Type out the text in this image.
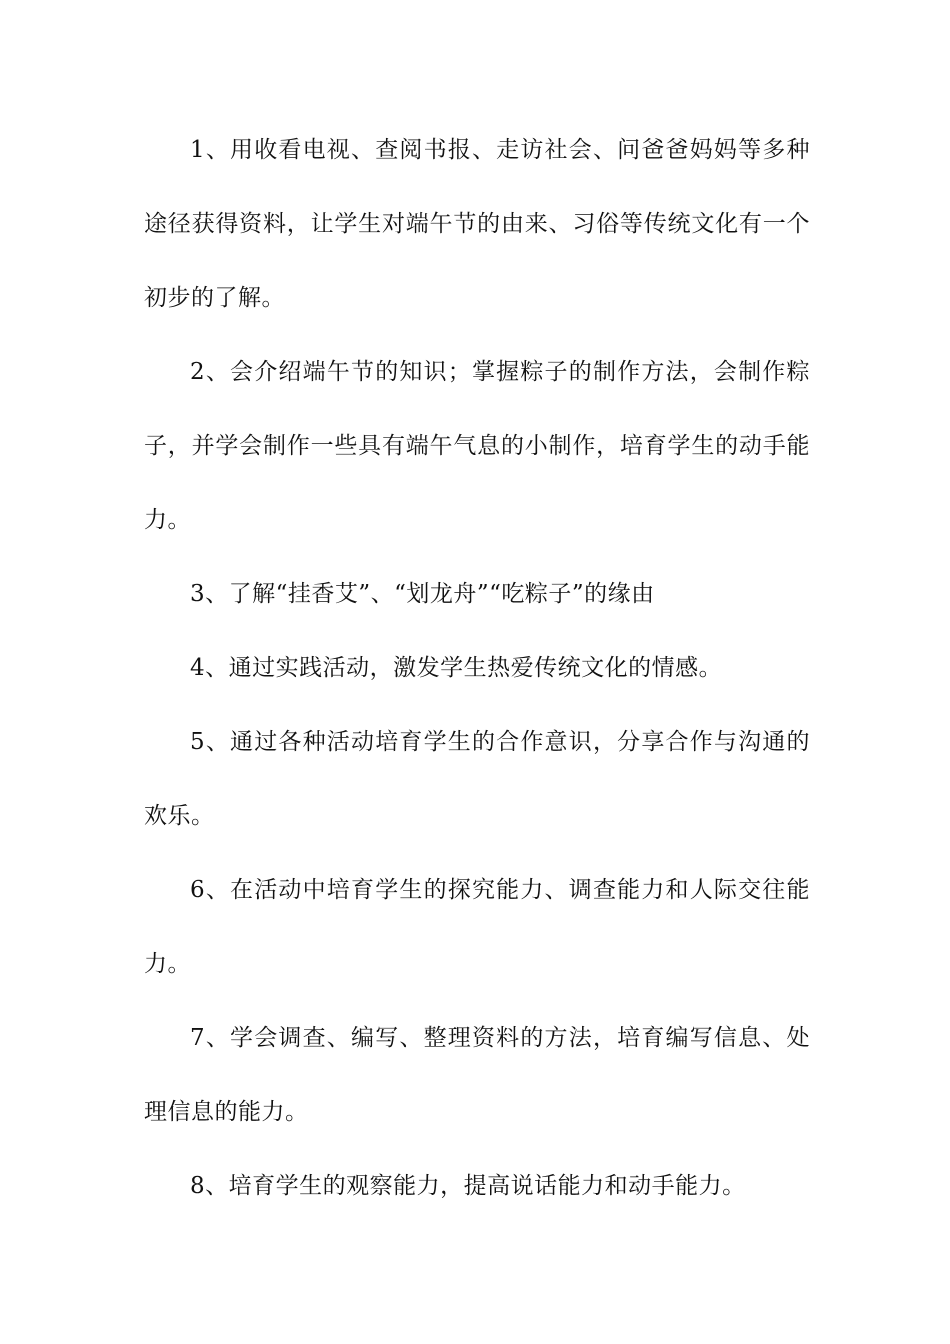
1、用收看电视、查阅书报、走访社会、问爸爸妈妈等多种途径获得资料，让学生对端午节的由来、习俗等传统文化有一个初步的了解。

2、会介绍端午节的知识；掌握粽子的制作方法，会制作粽子，并学会制作一些具有端午气息的小制作，培育学生的动手能力。

3、了解“挂香艾”、“划龙舟”“吃粽子”的缘由

4、通过实践活动，激发学生热爱传统文化的情感。

5、通过各种活动培育学生的合作意识，分享合作与沟通的欢乐。

6、在活动中培育学生的探究能力、调查能力和人际交往能力。

7、学会调查、编写、整理资料的方法，培育编写信息、处理信息的能力。

8、培育学生的观察能力，提高说话能力和动手能力。
